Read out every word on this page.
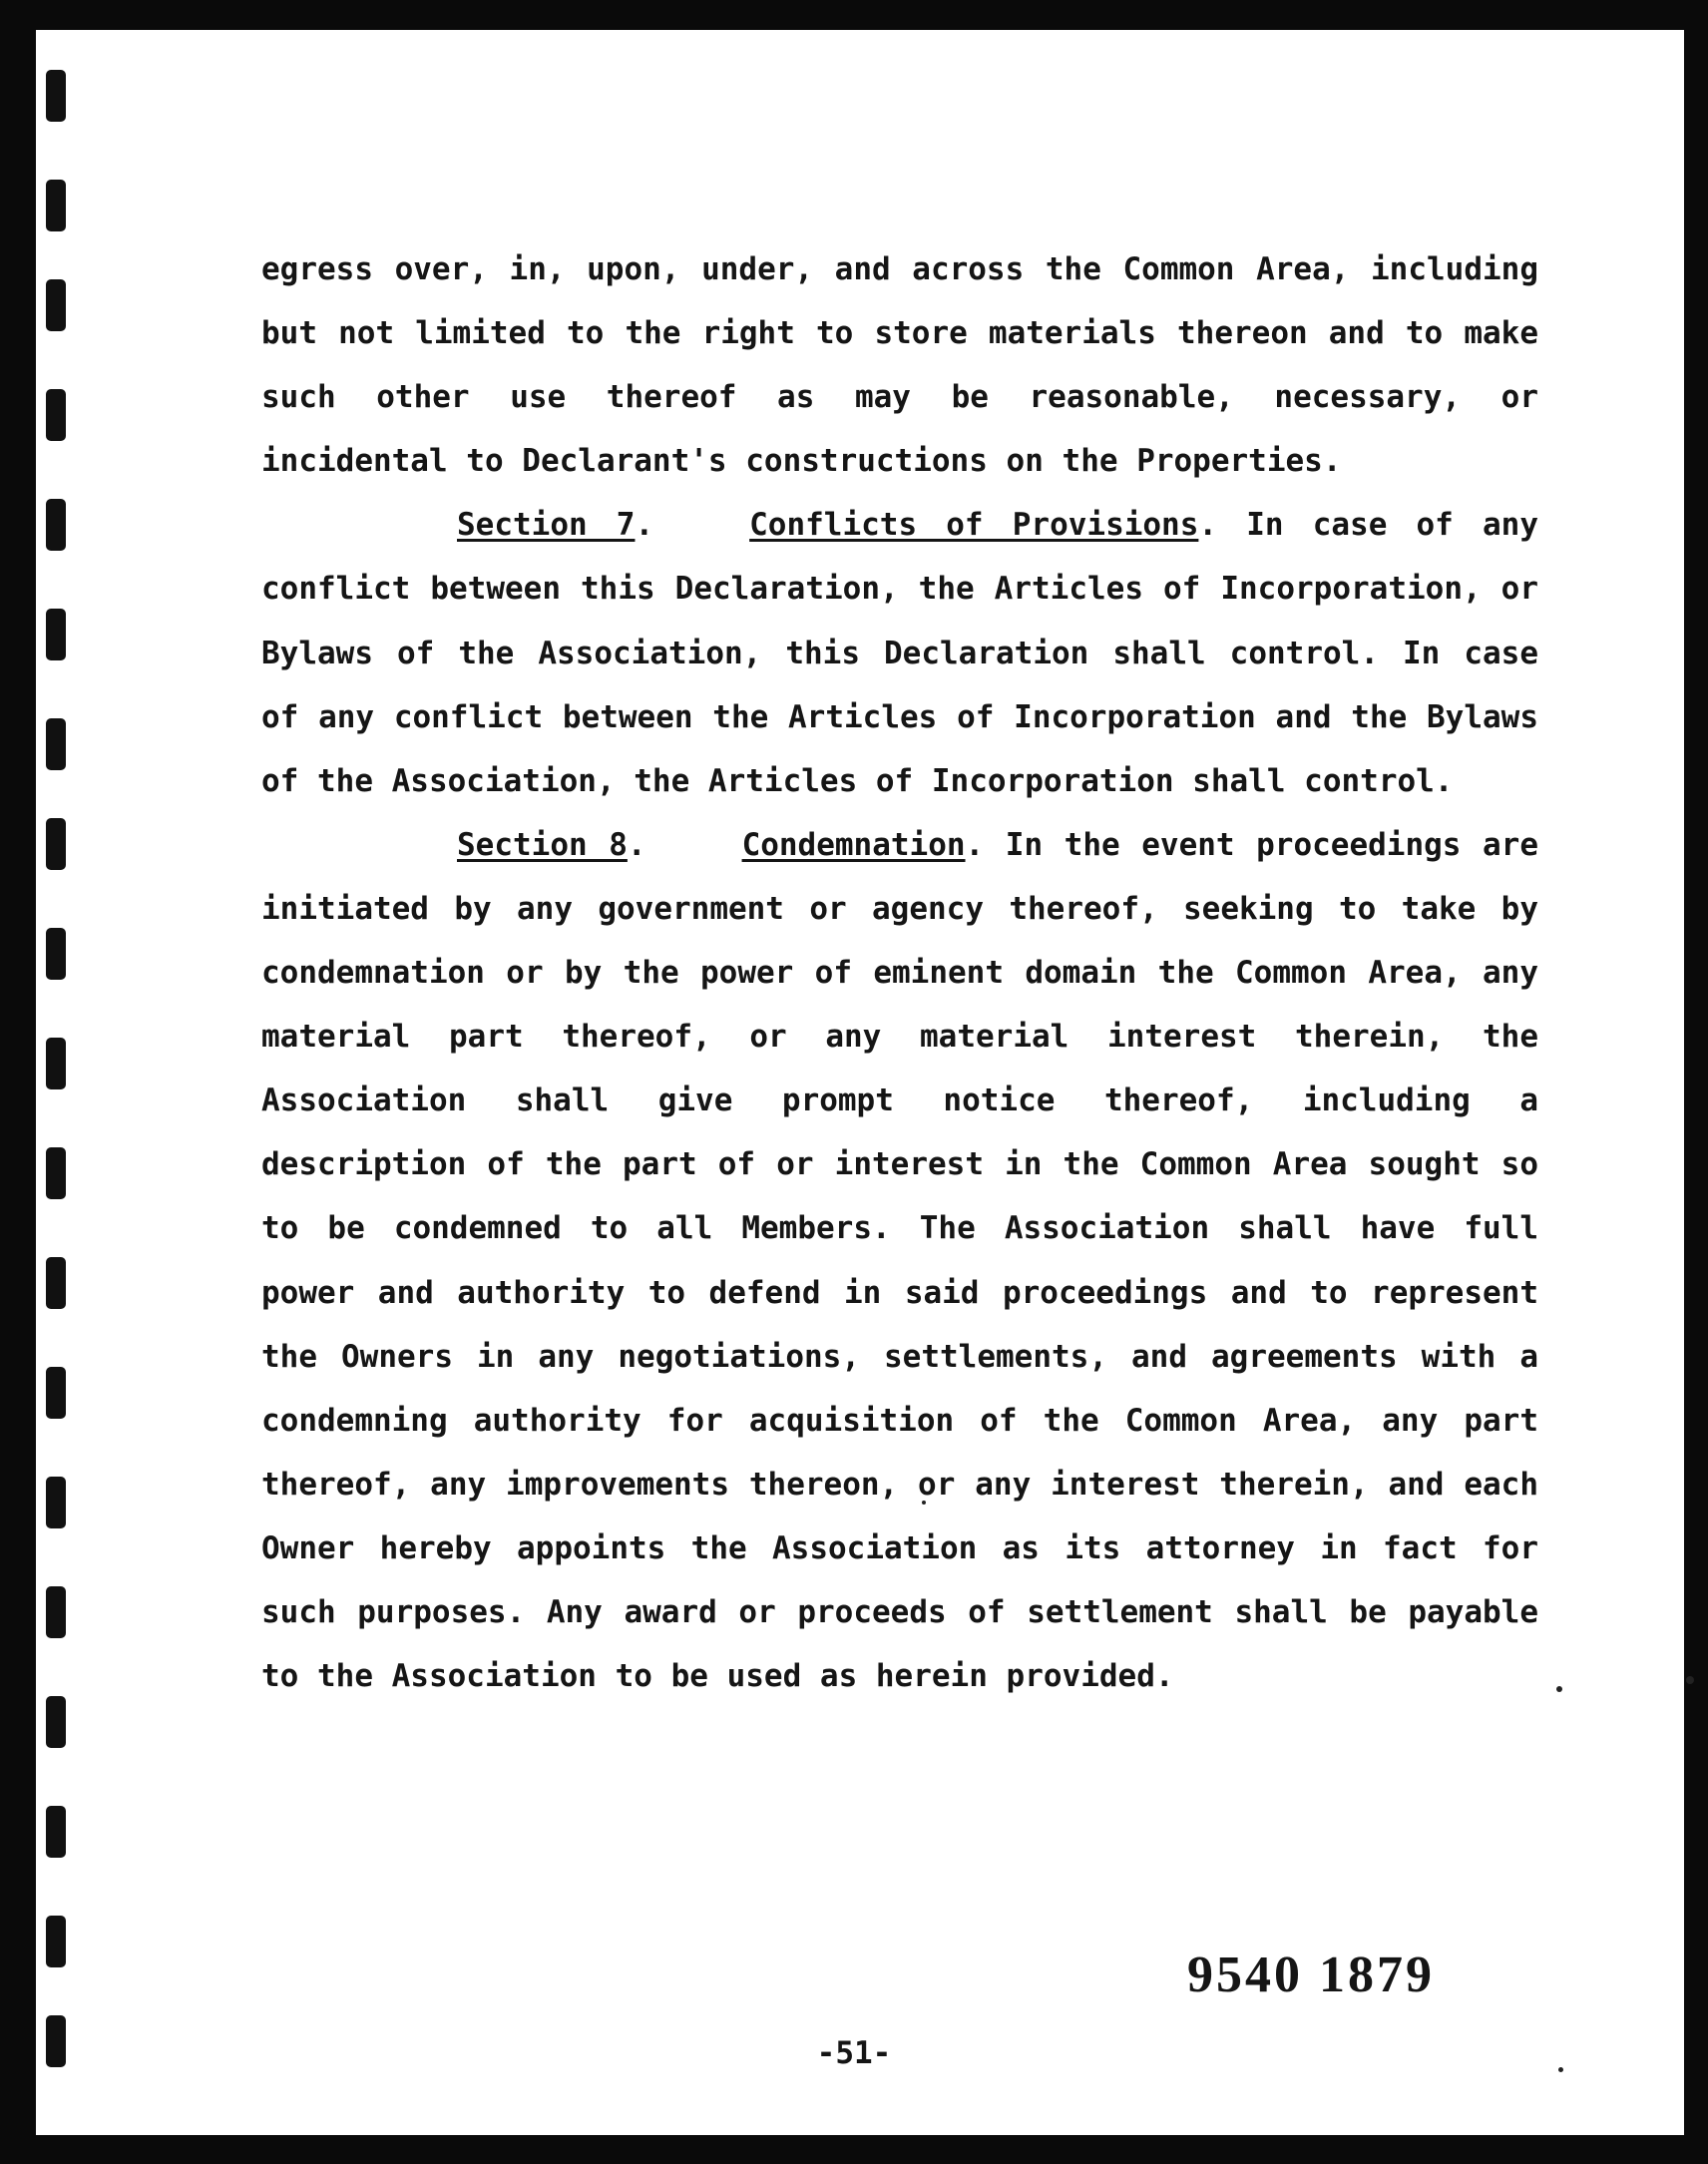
egress over, in, upon, under, and across the Common Area, including but not limited to the right to store materials thereon and to make such other use thereof as may be reasonable, necessary, or incidental to Declarant's constructions on the Properties.

Section 7.	Conflicts of Provisions. In case of any conflict between this Declaration, the Articles of Incorporation, or Bylaws of the Association, this Declaration shall control. In case of any conflict between the Articles of Incorporation and the Bylaws of the Association, the Articles of Incorporation shall control.

Section 8.	Condemnation. In the event proceedings are initiated by any government or agency thereof, seeking to take by condemnation or by the power of eminent domain the Common Area, any material part thereof, or any material interest therein, the Association shall give prompt notice thereof, including a description of the part of or interest in the Common Area sought so to be condemned to all Members. The Association shall have full power and authority to defend in said proceedings and to represent the Owners in any negotiations, settlements, and agreements with a condemning authority for acquisition of the Common Area, any part thereof, any improvements thereon, or any interest therein, and each Owner hereby appoints the Association as its attorney in fact for such purposes. Any award or proceeds of settlement shall be payable to the Association to be used as herein provided.

9540 1879
-51-
